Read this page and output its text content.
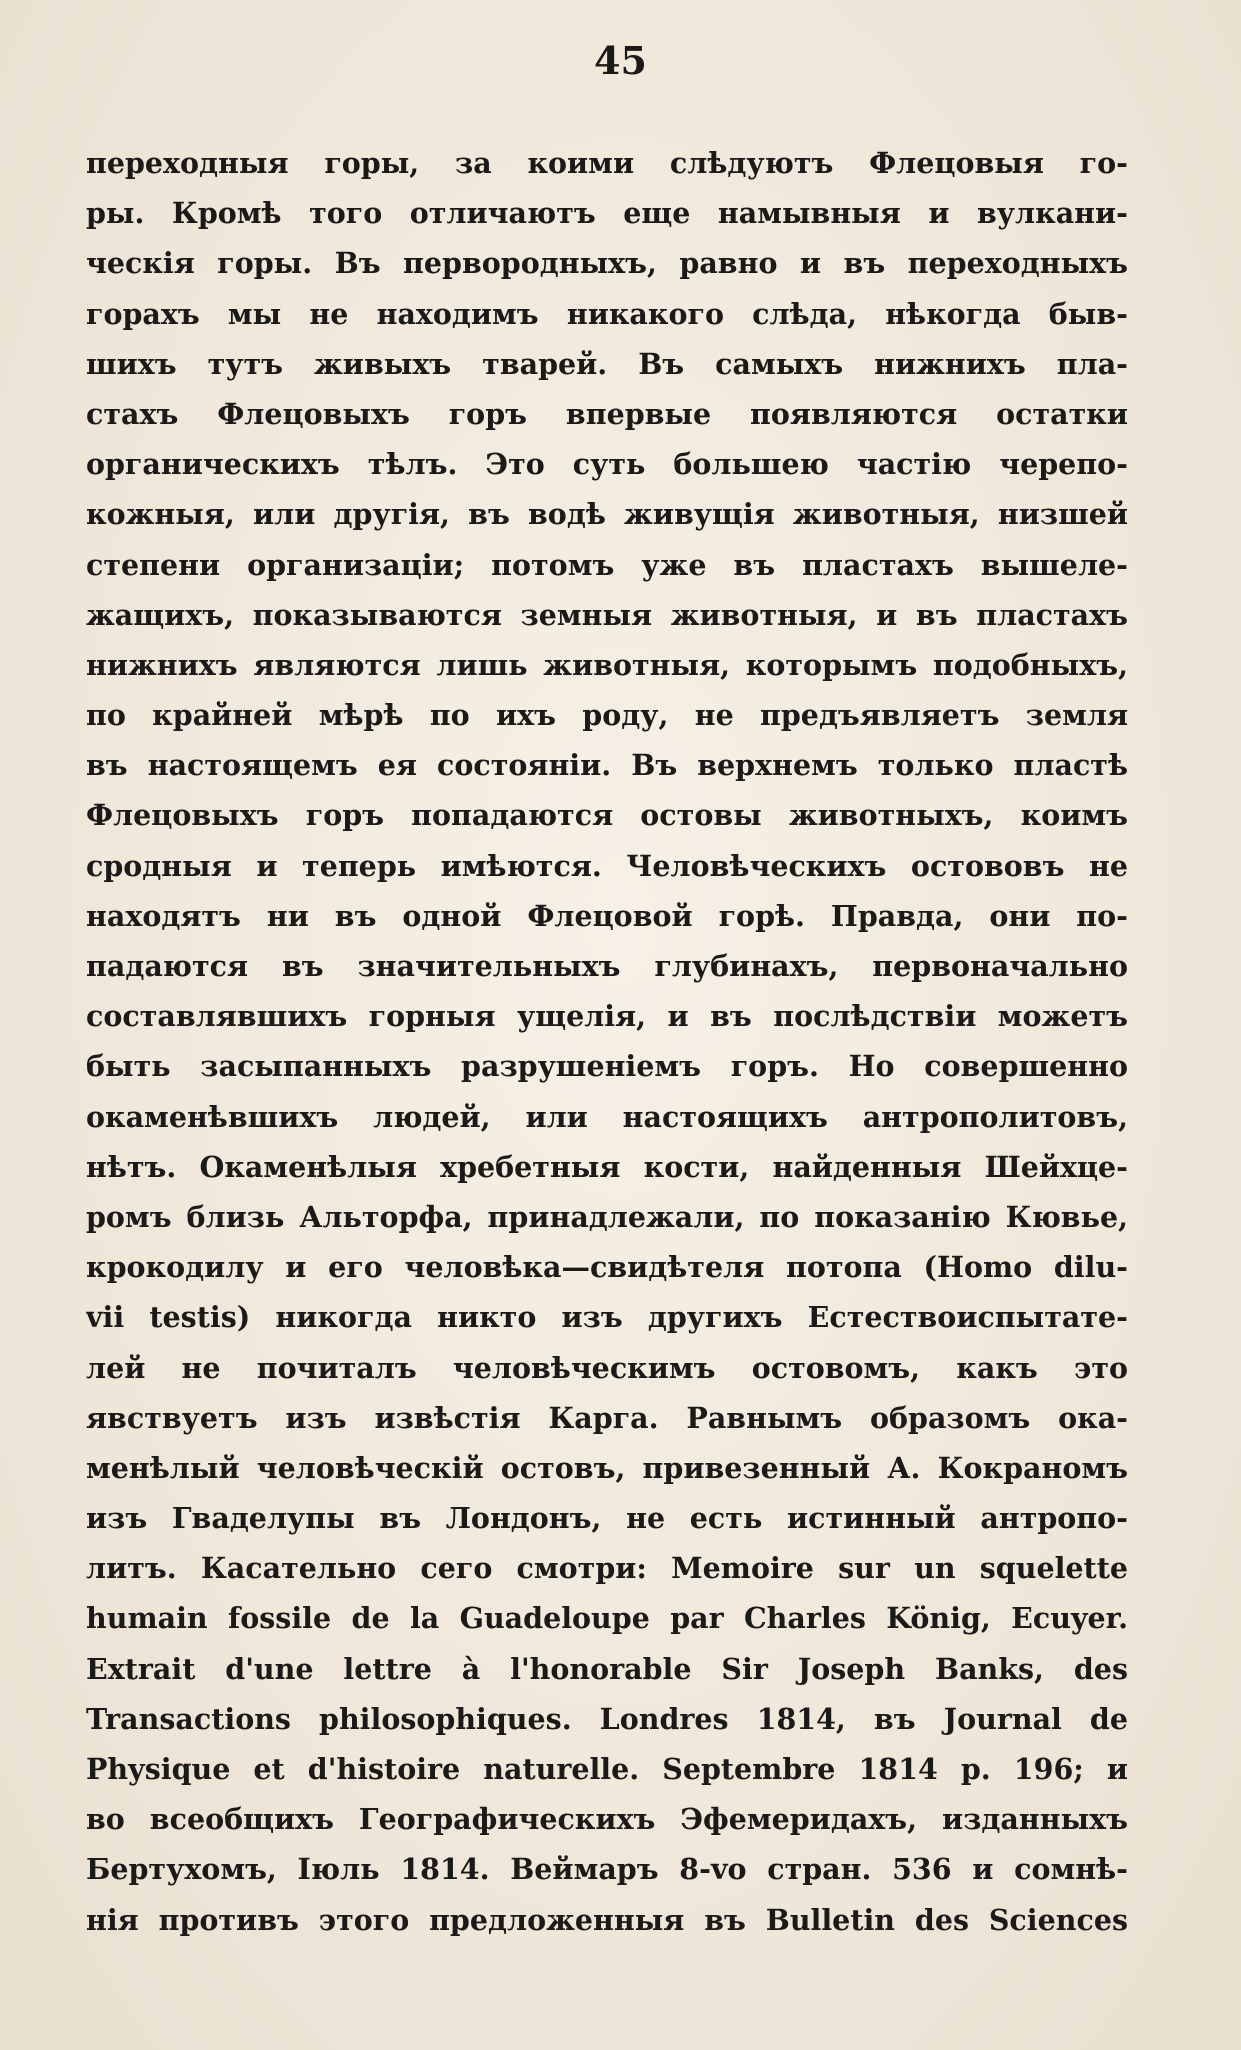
45
переходныя горы, за коими слѣдуютъ Флецовыя го-
ры. Кромѣ того отличаютъ еще намывныя и вулкани-
ческія горы. Въ первородныхъ, равно и въ переходныхъ
горахъ мы не находимъ никакого слѣда, нѣкогда быв-
шихъ тутъ живыхъ тварей. Въ самыхъ нижнихъ пла-
стахъ Флецовыхъ горъ впервые появляются остатки
органическихъ тѣлъ. Это суть большею частію черепо-
кожныя, или другія, въ водѣ живущія животныя, низшей
степени организаціи; потомъ уже въ пластахъ вышеле-
жащихъ, показываются земныя животныя, и въ пластахъ
нижнихъ являются лишь животныя, которымъ подобныхъ,
по крайней мѣрѣ по ихъ роду, не предъявляетъ земля
въ настоящемъ ея состояніи. Въ верхнемъ только пластѣ
Флецовыхъ горъ попадаются остовы животныхъ, коимъ
сродныя и теперь имѣются. Человѣческихъ остововъ не
находятъ ни въ одной Флецовой горѣ. Правда, они по-
падаются въ значительныхъ глубинахъ, первоначально
составлявшихъ горныя ущелія, и въ послѣдствіи можетъ
быть засыпанныхъ разрушеніемъ горъ. Но совершенно
окаменѣвшихъ людей, или настоящихъ антрополитовъ,
нѣтъ. Окаменѣлыя хребетныя кости, найденныя Шейхце-
ромъ близь Альторфа, принадлежали, по показанію Кювье,
крокодилу и его человѣка—свидѣтеля потопа (Homo dilu-
vii testis) никогда никто изъ другихъ Естествоиспытате-
лей не почиталъ человѣческимъ остовомъ, какъ это
явствуетъ изъ извѣстія Карга. Равнымъ образомъ ока-
менѣлый человѣческій остовъ, привезенный А. Кокраномъ
изъ Гваделупы въ Лондонъ, не есть истинный антропо-
литъ. Касательно сего смотри: Memoire sur un squelette
humain fossile de la Guadeloupe par Charles König, Ecuyer.
Extrait d'une lettre à l'honorable Sir Joseph Banks, des
Transactions philosophiques. Londres 1814, въ Journal de
Physique et d'histoire naturelle. Septembre 1814 p. 196; и
во всеобщихъ Географическихъ Эфемеридахъ, изданныхъ
Бертухомъ, Іюль 1814. Веймаръ 8-vo стран. 536 и сомнѣ-
нія противъ этого предложенныя въ Bulletin des Sciences
